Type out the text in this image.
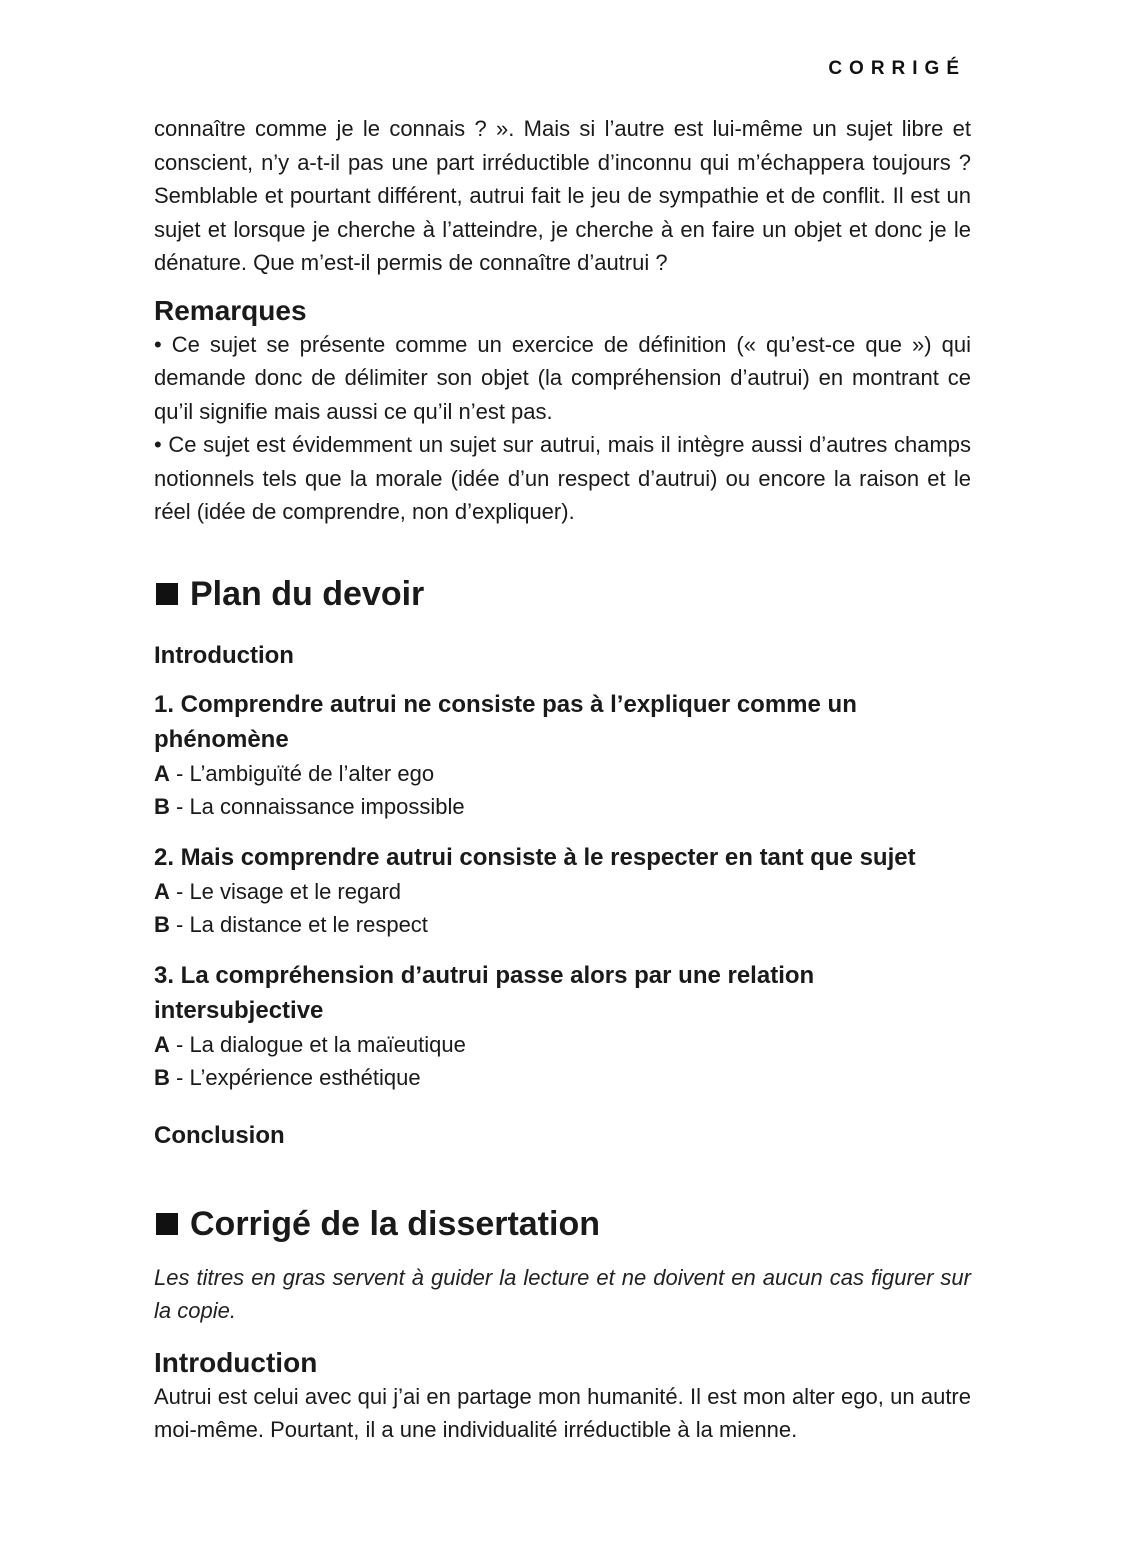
CORRIGÉ

connaître comme je le connais ? ». Mais si l’autre est lui-même un sujet libre et conscient, n’y a-t-il pas une part irréductible d’inconnu qui m’échappera toujours ? Semblable et pourtant différent, autrui fait le jeu de sympathie et de conflit. Il est un sujet et lorsque je cherche à l’atteindre, je cherche à en faire un objet et donc je le dénature. Que m’est-il permis de connaître d’autrui ?

Remarques

• Ce sujet se présente comme un exercice de définition (« qu’est-ce que ») qui demande donc de délimiter son objet (la compréhension d’autrui) en montrant ce qu’il signifie mais aussi ce qu’il n’est pas.

• Ce sujet est évidemment un sujet sur autrui, mais il intègre aussi d’autres champs notionnels tels que la morale (idée d’un respect d’autrui) ou encore la raison et le réel (idée de comprendre, non d’expliquer).

Plan du devoir
Introduction
1. Comprendre autrui ne consiste pas à l’expliquer comme un phénomène
A - L’ambiguïté de l’alter ego
B - La connaissance impossible
2. Mais comprendre autrui consiste à le respecter en tant que sujet
A - Le visage et le regard
B - La distance et le respect
3. La compréhension d’autrui passe alors par une relation intersubjective
A - La dialogue et la maïeutique
B - L’expérience esthétique
Conclusion
Corrigé de la dissertation

Les titres en gras servent à guider la lecture et ne doivent en aucun cas figurer sur la copie.

Introduction

Autrui est celui avec qui j’ai en partage mon humanité. Il est mon alter ego, un autre moi-même. Pourtant, il a une individualité irréductible à la mienne.
